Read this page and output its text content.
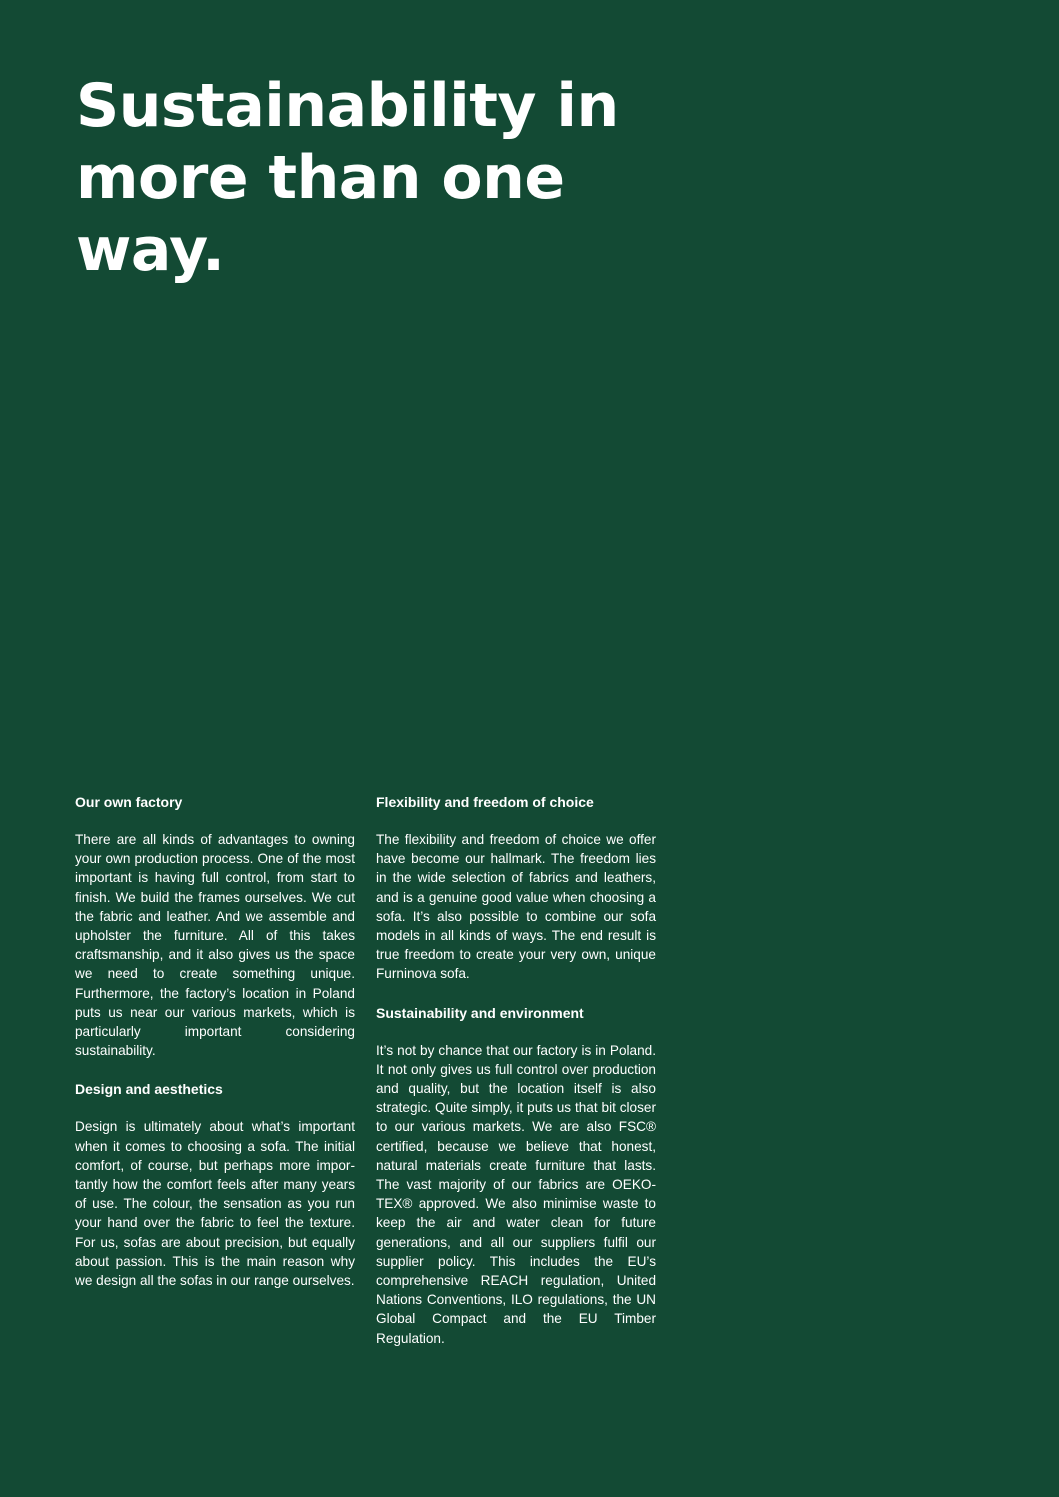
Sustainability in more than one way.
Our own factory

There are all kinds of advantages to owning your own production process. One of the most important is having full control, from start to finish. We build the frames ourselves. We cut the fabric and leather. And we assemble and upholster the furniture. All of this takes craftsmanship, and it also gives us the space we need to create something unique. Furthermore, the factory’s location in Poland puts us near our various markets, which is particularly important considering sustainability.

Design and aesthetics

Design is ultimately about what’s important when it comes to choosing a sofa. The initial comfort, of course, but perhaps more importantly how the comfort feels after many years of use. The colour, the sensation as you run your hand over the fabric to feel the texture. For us, sofas are about precision, but equally about passion. This is the main reason why we design all the sofas in our range ourselves.

Flexibility and freedom of choice

The flexibility and freedom of choice we offer have become our hallmark. The freedom lies in the wide selection of fabrics and leathers, and is a genuine good value when choosing a sofa. It’s also possible to combine our sofa models in all kinds of ways. The end result is true freedom to create your very own, unique Furninova sofa.

Sustainability and environment

It’s not by chance that our factory is in Poland. It not only gives us full control over production and quality, but the location itself is also strategic. Quite simply, it puts us that bit closer to our various markets. We are also FSC® certified, because we believe that honest, natural materials create furniture that lasts. The vast majority of our fabrics are OEKO-TEX® approved. We also minimise waste to keep the air and water clean for future generations, and all our suppliers fulfil our supplier policy. This includes the EU’s comprehensive REACH regulation, United Nations Conventions, ILO regulations, the UN Global Compact and the EU Timber Regulation.
